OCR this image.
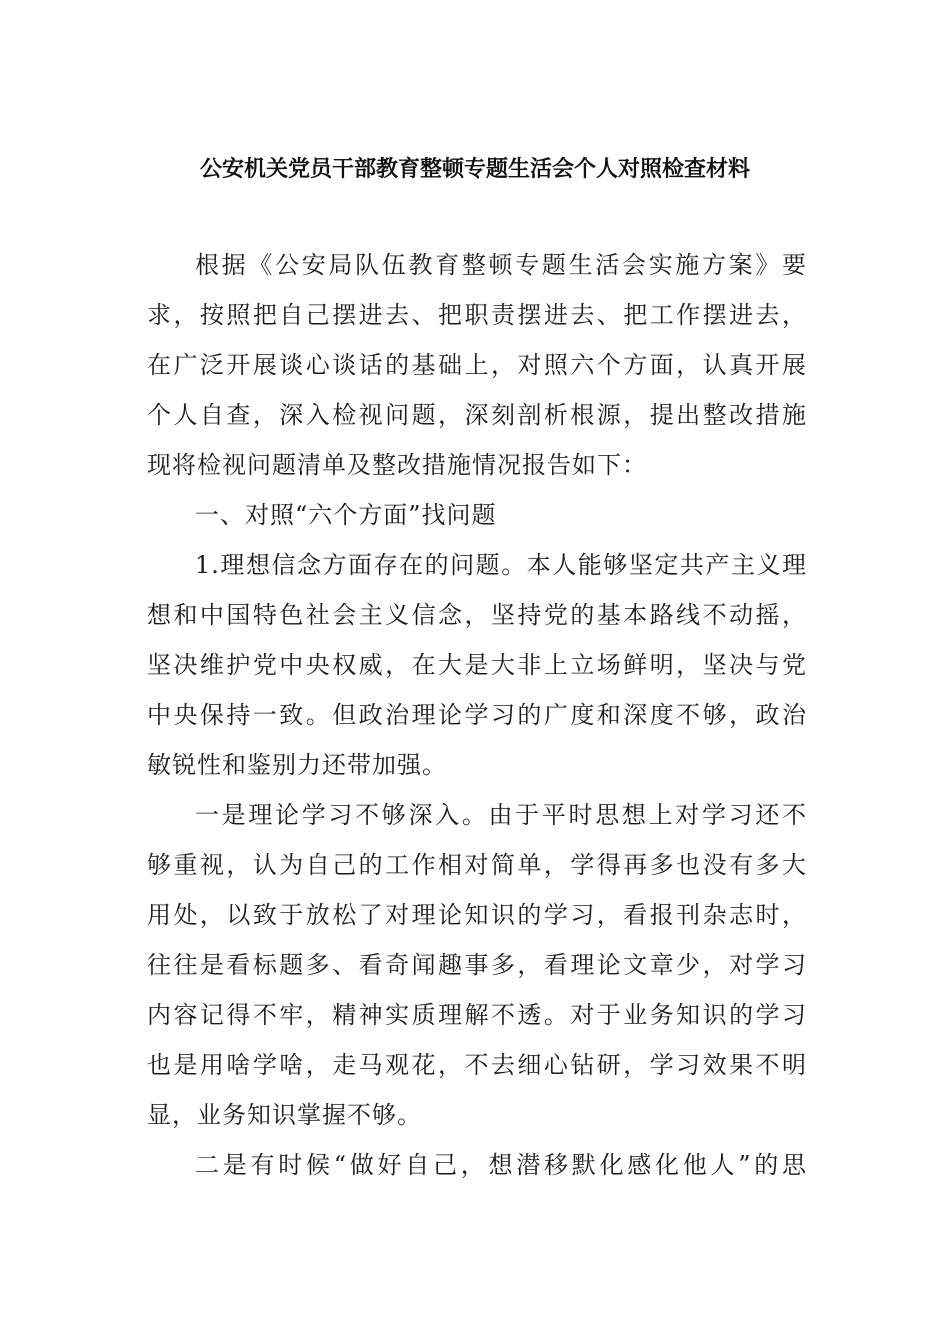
公安机关党员干部教育整顿专题生活会个人对照检查材料
根据《公安局队伍教育整顿专题生活会实施方案》要
求，按照把自己摆进去、把职责摆进去、把工作摆进去，
在广泛开展谈心谈话的基础上，对照六个方面，认真开展
个人自查，深入检视问题，深刻剖析根源，提出整改措施
现将检视问题清单及整改措施情况报告如下：
一、对照“六个方面”找问题
1.理想信念方面存在的问题。本人能够坚定共产主义理
想和中国特色社会主义信念，坚持党的基本路线不动摇，
坚决维护党中央权威，在大是大非上立场鲜明，坚决与党
中央保持一致。但政治理论学习的广度和深度不够，政治
敏锐性和鉴别力还带加强。
一是理论学习不够深入。由于平时思想上对学习还不
够重视，认为自己的工作相对简单，学得再多也没有多大
用处，以致于放松了对理论知识的学习，看报刊杂志时，
往往是看标题多、看奇闻趣事多，看理论文章少，对学习
内容记得不牢，精神实质理解不透。对于业务知识的学习
也是用啥学啥，走马观花，不去细心钻研，学习效果不明
显，业务知识掌握不够。
二是有时候“做好自己，想潜移默化感化他人”的思
